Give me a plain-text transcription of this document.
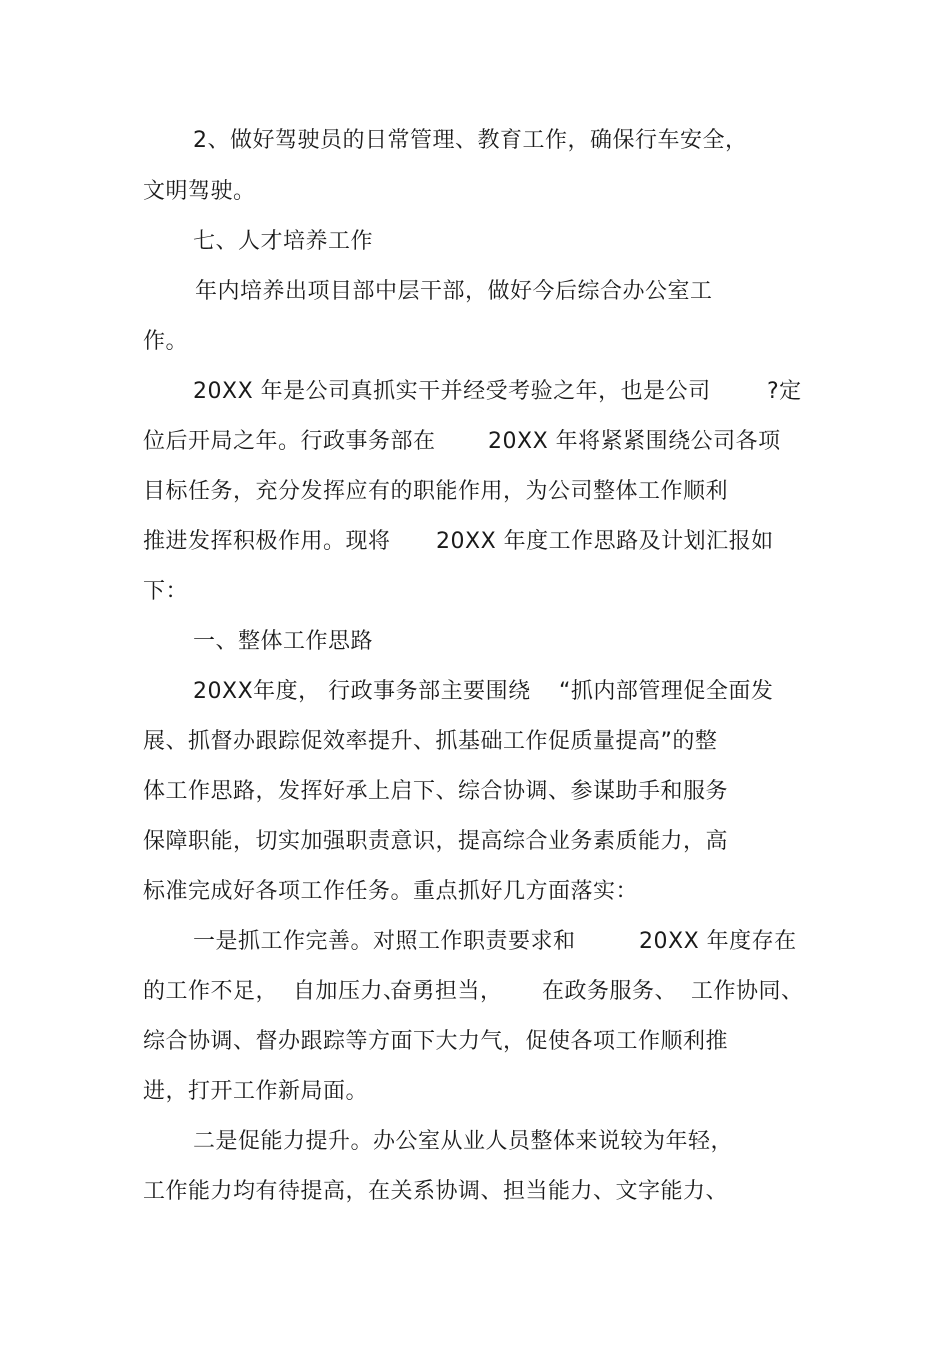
2、做好驾驶员的日常管理、教育工作，确保行车安全，
文明驾驶。
七、人才培养工作
年内培养出项目部中层干部，做好今后综合办公室工
作。
20XX 年是公司真抓实干并经受考验之年，也是公司	?定
位后开局之年。行政事务部在 20XX 年将紧紧围绕公司各项
目标任务，充分发挥应有的职能作用，为公司整体工作顺利
推进发挥积极作用。现将 20XX 年度工作思路及计划汇报如
下：
一、整体工作思路
20XX年度， 行政事务部主要围绕 “抓内部管理促全面发
展、抓督办跟踪促效率提升、抓基础工作促质量提高”的整
体工作思路，发挥好承上启下、综合协调、参谋助手和服务
保障职能，切实加强职责意识，提高综合业务素质能力，高
标准完成好各项工作任务。重点抓好几方面落实：
一是抓工作完善。对照工作职责要求和	20XX 年度存在
的工作不足， 自加压力、
奋勇担当， 在政务服务、 工作协同、
综合协调、督办跟踪等方面下大力气，促使各项工作顺利推
进，打开工作新局面。
二是促能力提升。办公室从业人员整体来说较为年轻，
工作能力均有待提高，在关系协调、担当能力、文字能力、
